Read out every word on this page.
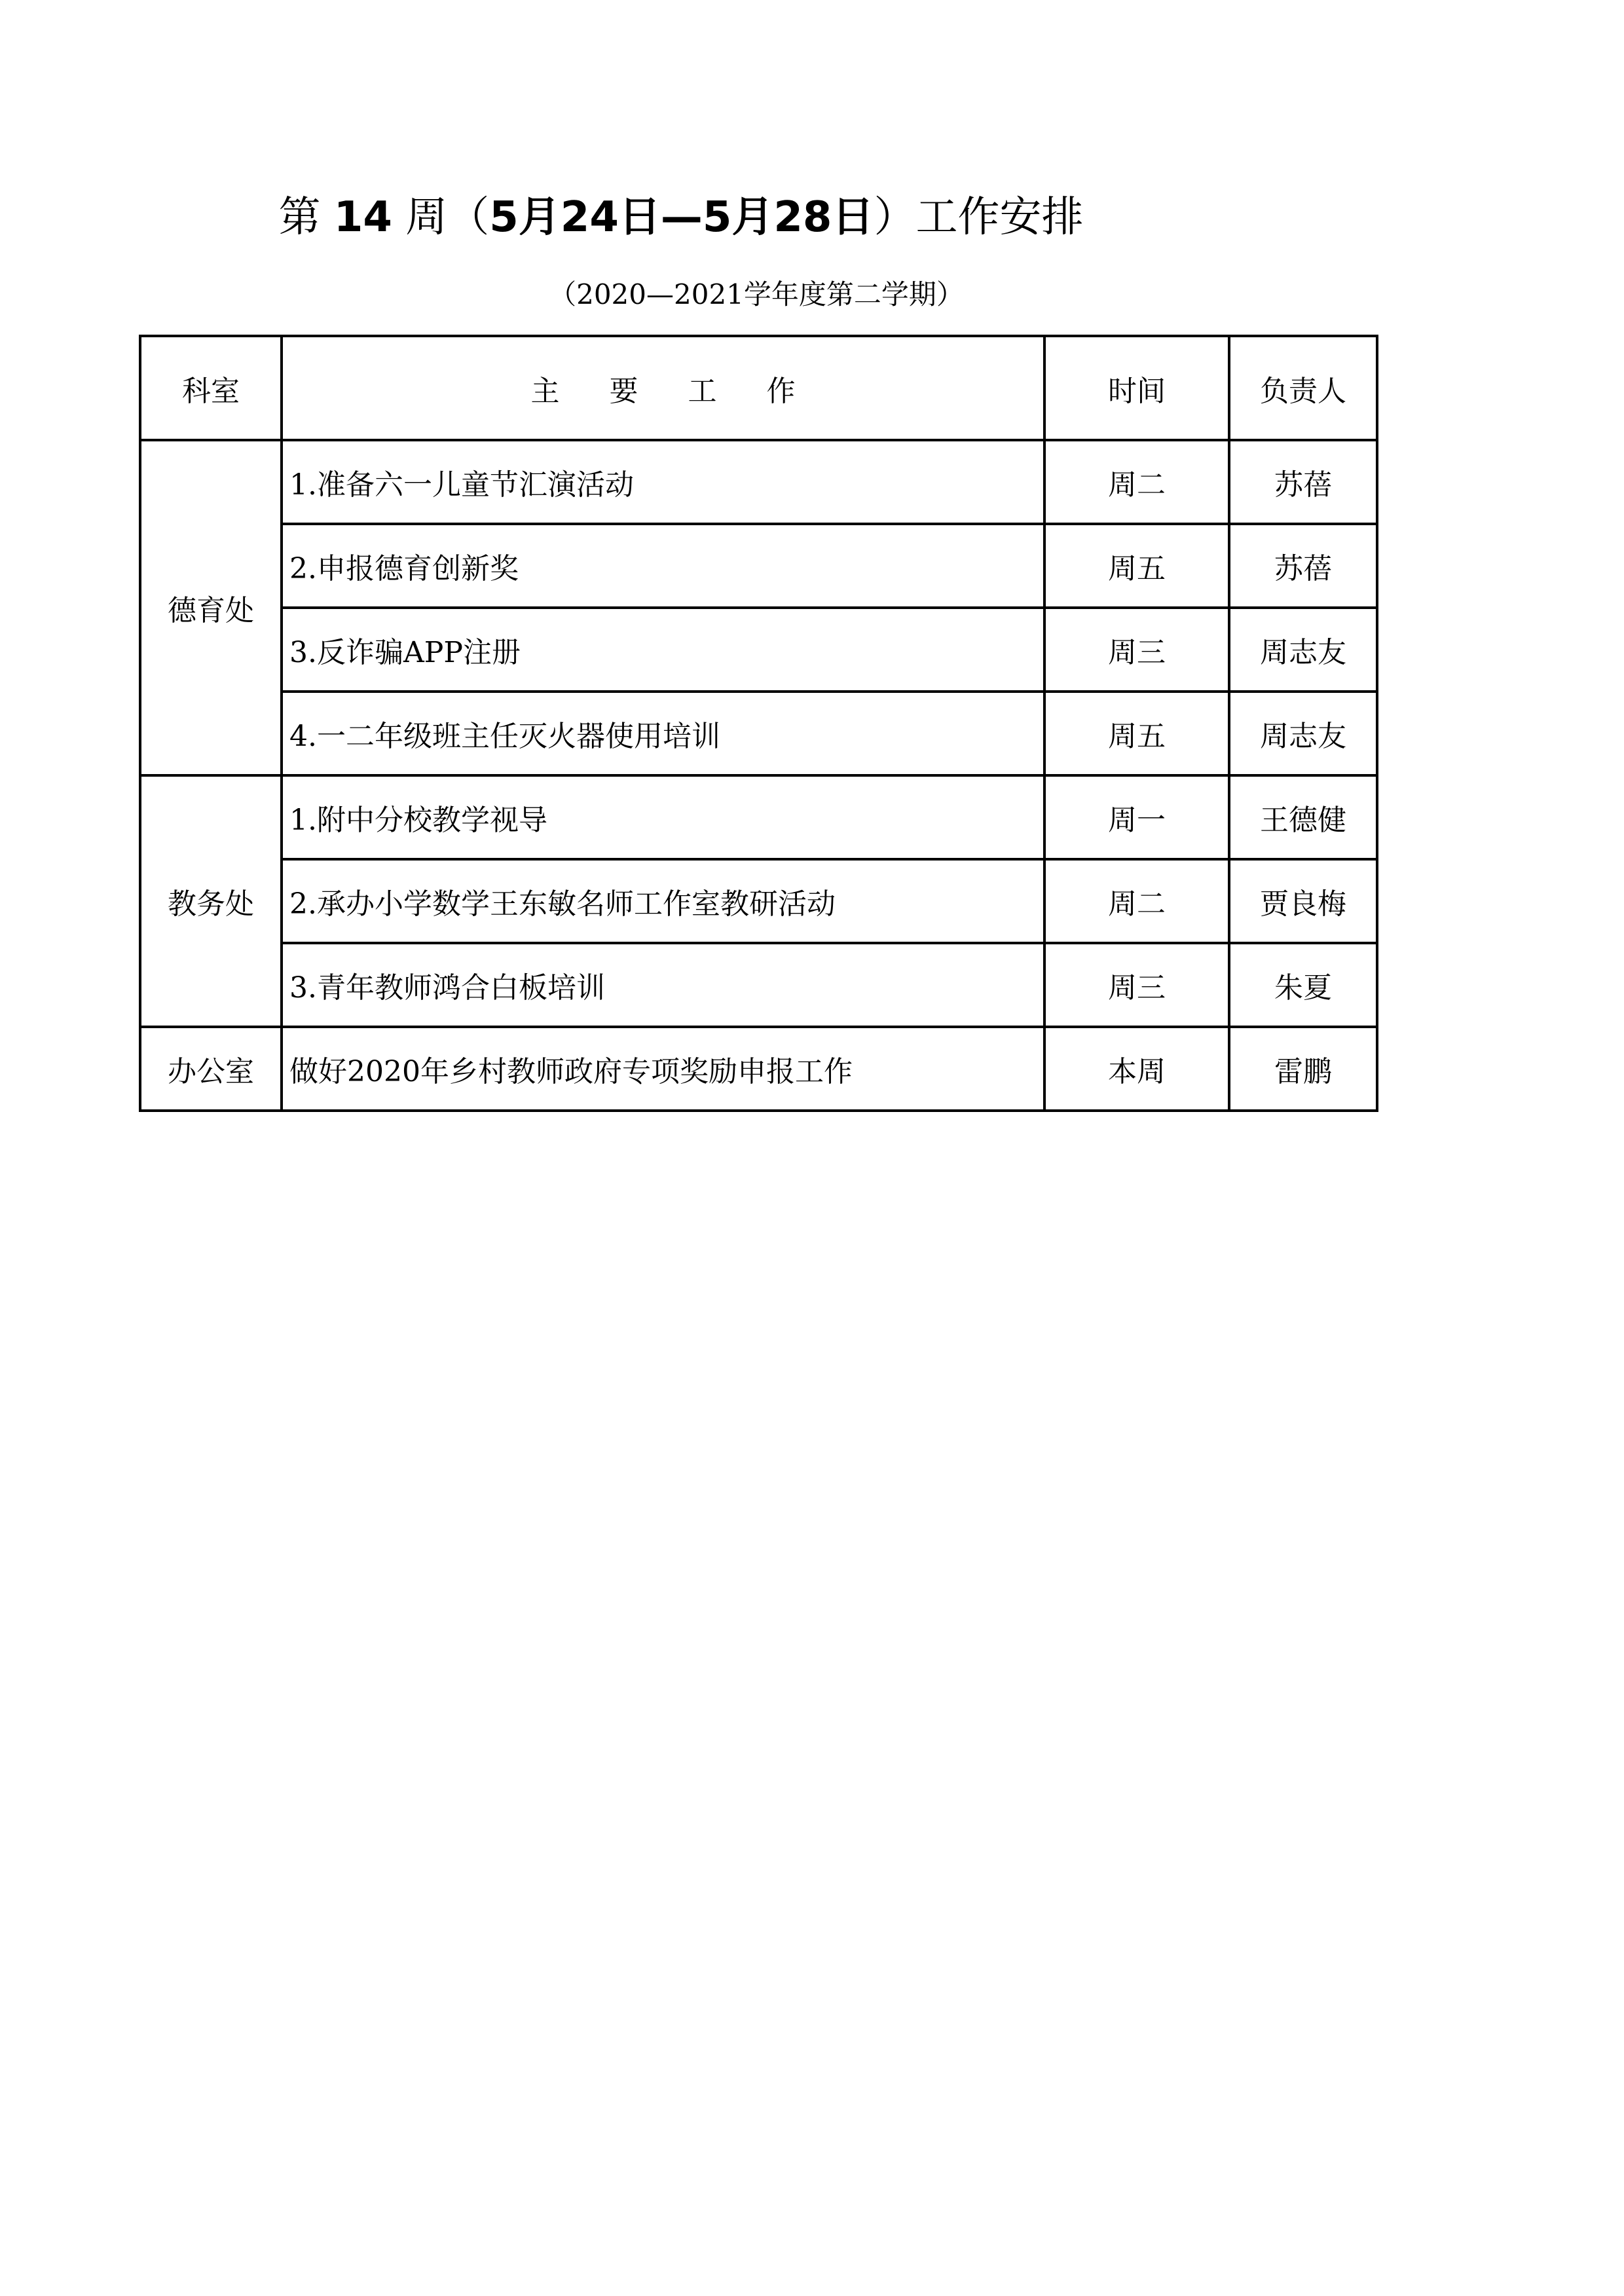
第 14 周（5月24日—5月28日）工作安排
（2020—2021学年度第二学期）
科室	主 要 工 作	时间	负责人
德育处	1.准备六一儿童节汇演活动	周二	苏蓓
	2.申报德育创新奖	周五	苏蓓
	3.反诈骗APP注册	周三	周志友
	4.一二年级班主任灭火器使用培训	周五	周志友
教务处	1.附中分校教学视导	周一	王德健
	2.承办小学数学王东敏名师工作室教研活动	周二	贾良梅
	3.青年教师鸿合白板培训	周三	朱夏
办公室	做好2020年乡村教师政府专项奖励申报工作	本周	雷鹏
